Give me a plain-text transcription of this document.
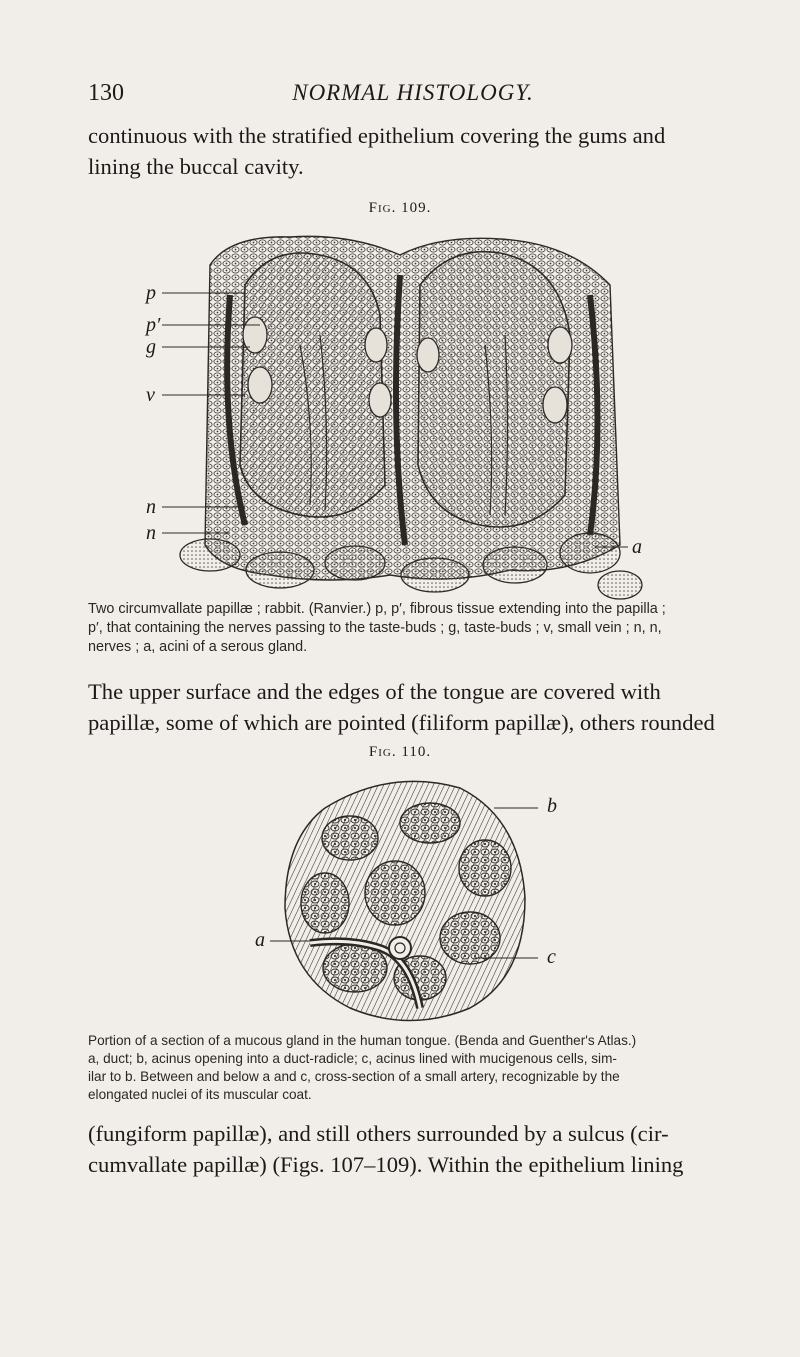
130	NORMAL HISTOLOGY.

continuous with the stratified epithelium covering the gums and
lining the buccal cavity.

Fig. 109.
p
p′
g
v
n
n
a

Two circumvallate papillæ ; rabbit. (Ranvier.) p, p′, fibrous tissue extending into the papilla ;
p′, that containing the nerves passing to the taste-buds ; g, taste-buds ; v, small vein ; n, n,
nerves ; a, acini of a serous gland.

The upper surface and the edges of the tongue are covered with
papillæ, some of which are pointed (filiform papillæ), others rounded

Fig. 110.
b
a
c

Portion of a section of a mucous gland in the human tongue. (Benda and Guenther's Atlas.)
a, duct; b, acinus opening into a duct-radicle; c, acinus lined with mucigenous cells, sim-
ilar to b. Between and below a and c, cross-section of a small artery, recognizable by the
elongated nuclei of its muscular coat.

(fungiform papillæ), and still others surrounded by a sulcus (cir-
cumvallate papillæ) (Figs. 107–109). Within the epithelium lining
